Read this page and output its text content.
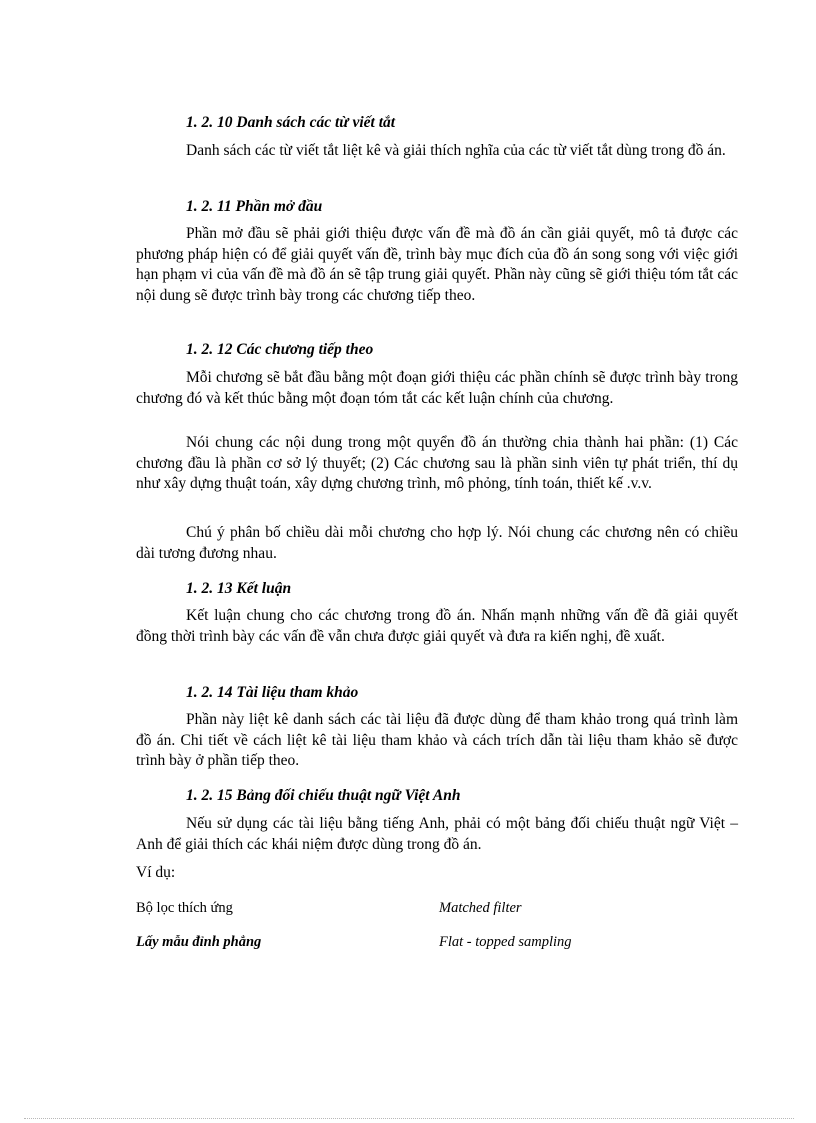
1. 2. 10 Danh sách các từ viết tắt

Danh sách các từ viết tắt liệt kê và giải thích nghĩa của các từ viết tắt dùng trong đồ án.

1. 2. 11 Phần mở đầu

Phần mở đầu sẽ phải giới thiệu được vấn đề mà đồ án cần giải quyết, mô tả được các phương pháp hiện có để giải quyết vấn đề, trình bày mục đích của đồ án song song với việc giới hạn phạm vi của vấn đề mà đồ án sẽ tập trung giải quyết. Phần này cũng sẽ giới thiệu tóm tắt các nội dung sẽ được trình bày trong các chương tiếp theo.

1. 2. 12 Các chương tiếp theo

Mỗi chương sẽ bắt đầu bằng một đoạn giới thiệu các phần chính sẽ được trình bày trong chương đó và kết thúc bằng một đoạn tóm tắt các kết luận chính của chương.

Nói chung các nội dung trong một quyển đồ án thường chia thành hai phần: (1) Các chương đầu là phần cơ sở lý thuyết; (2) Các chương sau là phần sinh viên tự phát triển, thí dụ như xây dựng thuật toán, xây dựng chương trình, mô phỏng, tính toán, thiết kế .v.v.

Chú ý phân bố chiều dài mỗi chương cho hợp lý. Nói chung các chương nên có chiều dài tương đương nhau.

1. 2. 13 Kết luận

Kết luận chung cho các chương trong đồ án. Nhấn mạnh những vấn đề đã giải quyết đồng thời trình bày các vấn đề vẫn chưa được giải quyết và đưa ra kiến nghị, đề xuất.

1. 2. 14 Tài liệu tham khảo

Phần này liệt kê danh sách các tài liệu đã được dùng để tham khảo trong quá trình làm đồ án. Chi tiết về cách liệt kê tài liệu tham khảo và cách trích dẫn tài liệu tham khảo sẽ được trình bày ở phần tiếp theo.

1. 2. 15 Bảng đối chiếu thuật ngữ Việt Anh

Nếu sử dụng các tài liệu bằng tiếng Anh, phải có một bảng đối chiếu thuật ngữ Việt – Anh để giải thích các khái niệm được dùng trong đồ án.

Ví dụ:
Bộ lọc thích ứng	Matched filter
Lấy mẫu đỉnh phẳng	Flat - topped sampling
